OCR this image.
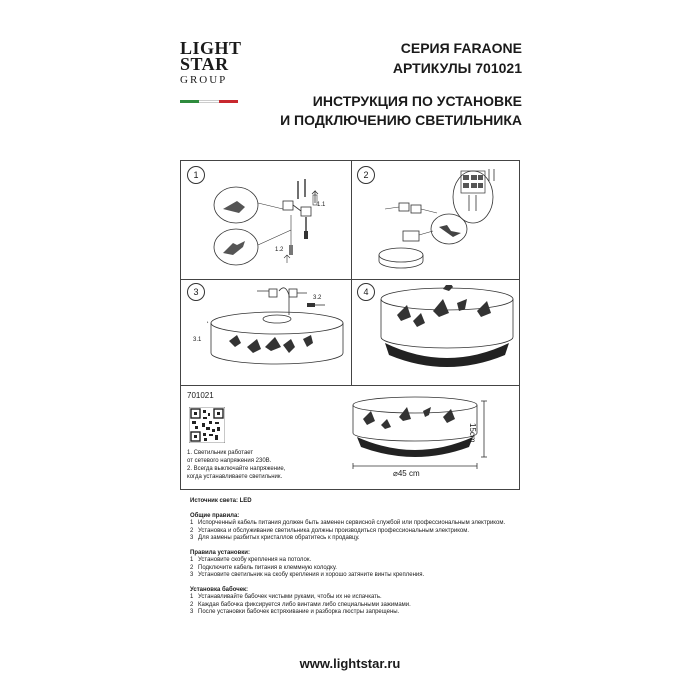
LIGHT
STAR
GROUP
СЕРИЯ FARAONE
АРТИКУЛЫ 701021
ИНСТРУКЦИЯ ПО УСТАНОВКЕ
И ПОДКЛЮЧЕНИЮ СВЕТИЛЬНИКА
1
1.1
1.2
2
3
3.2
3.1
4
701021
1. Светильник работает
от сетевого напряжения 230В.
2. Всегда выключайте напряжение,
когда устанавливаете светильник.
15cm
⌀45 cm
Источник света: LED
Общие правила:
1 Испорченный кабель питания должен быть заменен сервисной службой или профессиональным электриком.
2 Установка и обслуживание светильника должны производиться профессиональным электриком.
3 Для замены разбитых кристаллов обратитесь к продавцу.
Правила установки:
1 Установите скобу крепления на потолок.
2 Подключите кабель питания в клеммную колодку.
3 Установите светильник на скобу крепления и хорошо затяните винты крепления.
Установка бабочек:
1 Устанавливайте бабочек чистыми руками, чтобы их не испачкать.
2 Каждая бабочка фиксируется либо винтами либо специальными зажимами.
3 После установки бабочек встряхивание и разборка люстры запрещены.
www.lightstar.ru
